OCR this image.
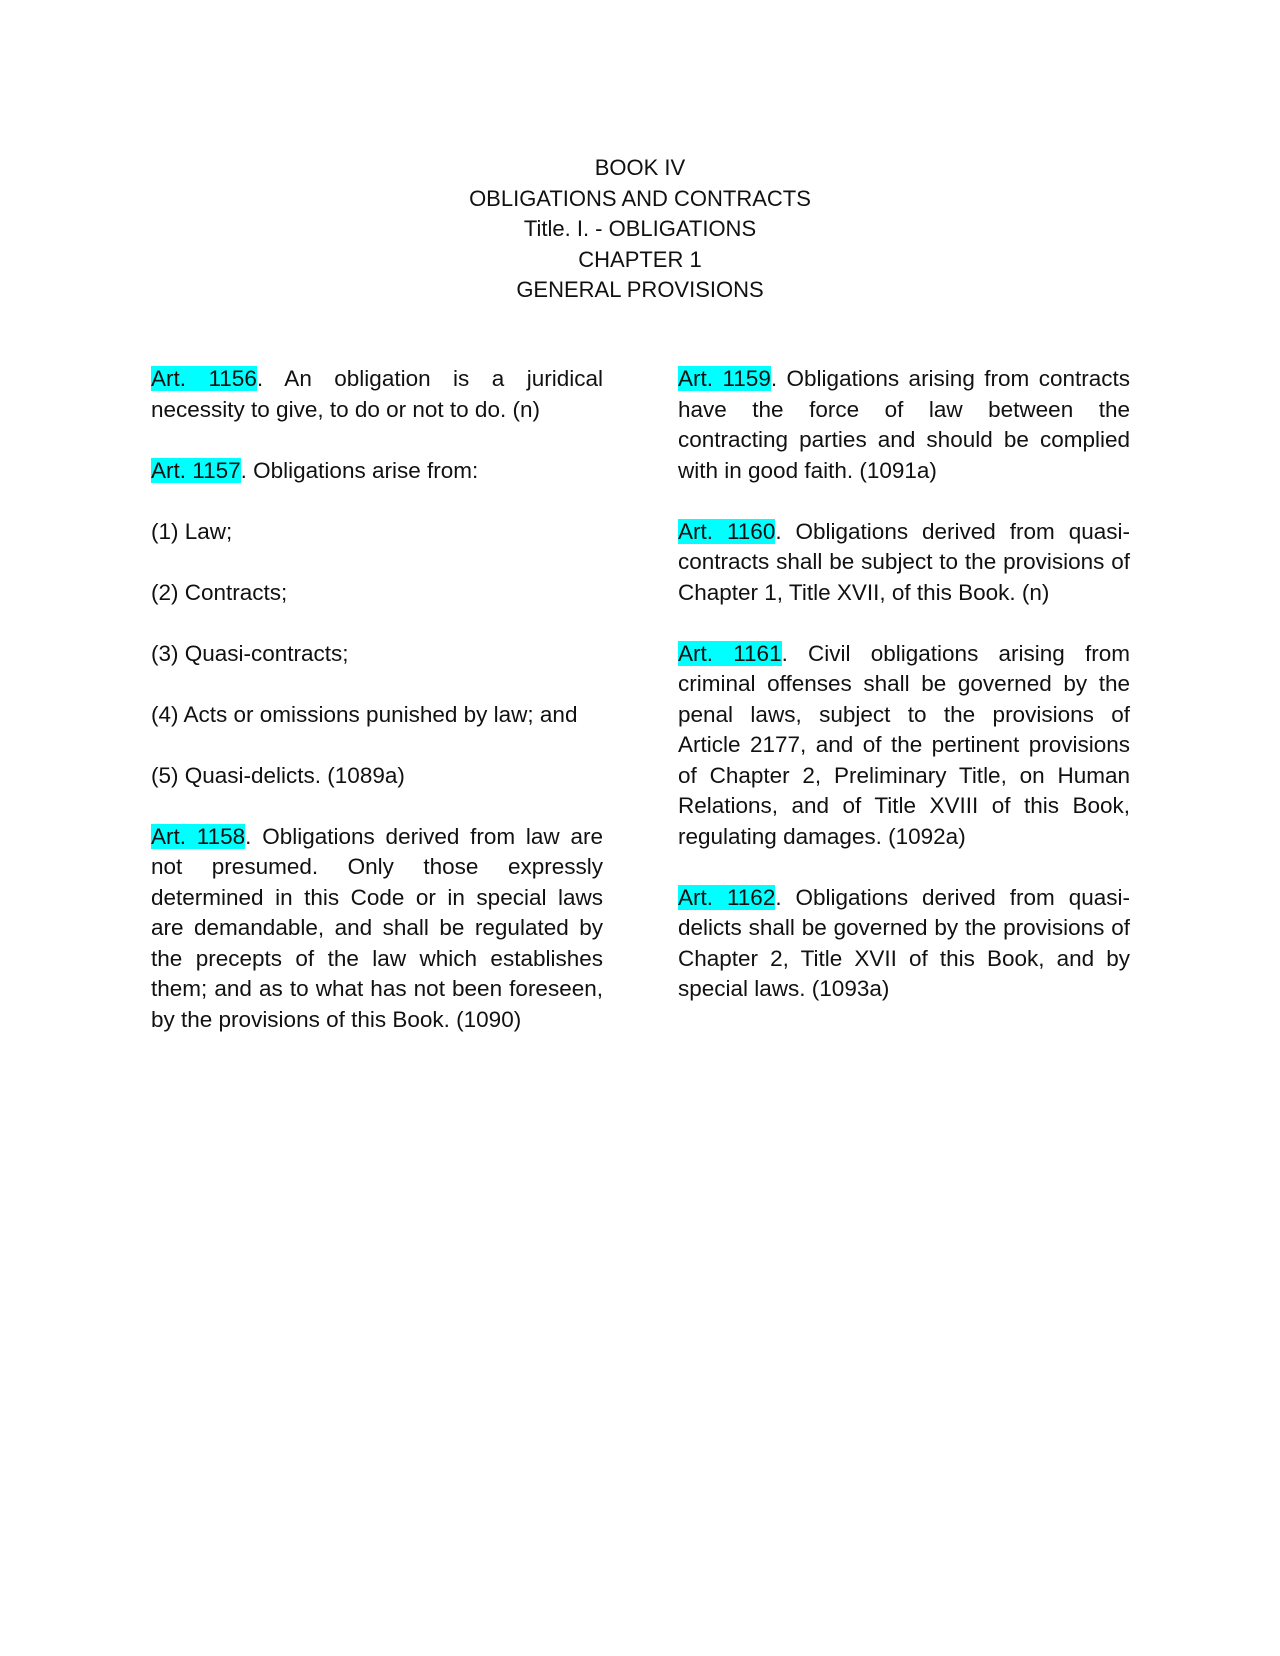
BOOK IV
OBLIGATIONS AND CONTRACTS
Title. I. - OBLIGATIONS
CHAPTER 1
GENERAL PROVISIONS

Art. 1156. An obligation is a juridical necessity to give, to do or not to do. (n)

Art. 1157. Obligations arise from:

(1) Law;

(2) Contracts;

(3) Quasi-contracts;

(4) Acts or omissions punished by law; and

(5) Quasi-delicts. (1089a)

Art. 1158. Obligations derived from law are not presumed. Only those expressly determined in this Code or in special laws are demandable, and shall be regulated by the precepts of the law which establishes them; and as to what has not been foreseen, by the provisions of this Book. (1090)

Art. 1159. Obligations arising from contracts have the force of law between the contracting parties and should be complied with in good faith. (1091a)

Art. 1160. Obligations derived from quasi-contracts shall be subject to the provisions of Chapter 1, Title XVII, of this Book. (n)

Art. 1161. Civil obligations arising from criminal offenses shall be governed by the penal laws, subject to the provisions of Article 2177, and of the pertinent provisions of Chapter 2, Preliminary Title, on Human Relations, and of Title XVIII of this Book, regulating damages. (1092a)

Art. 1162. Obligations derived from quasi-delicts shall be governed by the provisions of Chapter 2, Title XVII of this Book, and by special laws. (1093a)
